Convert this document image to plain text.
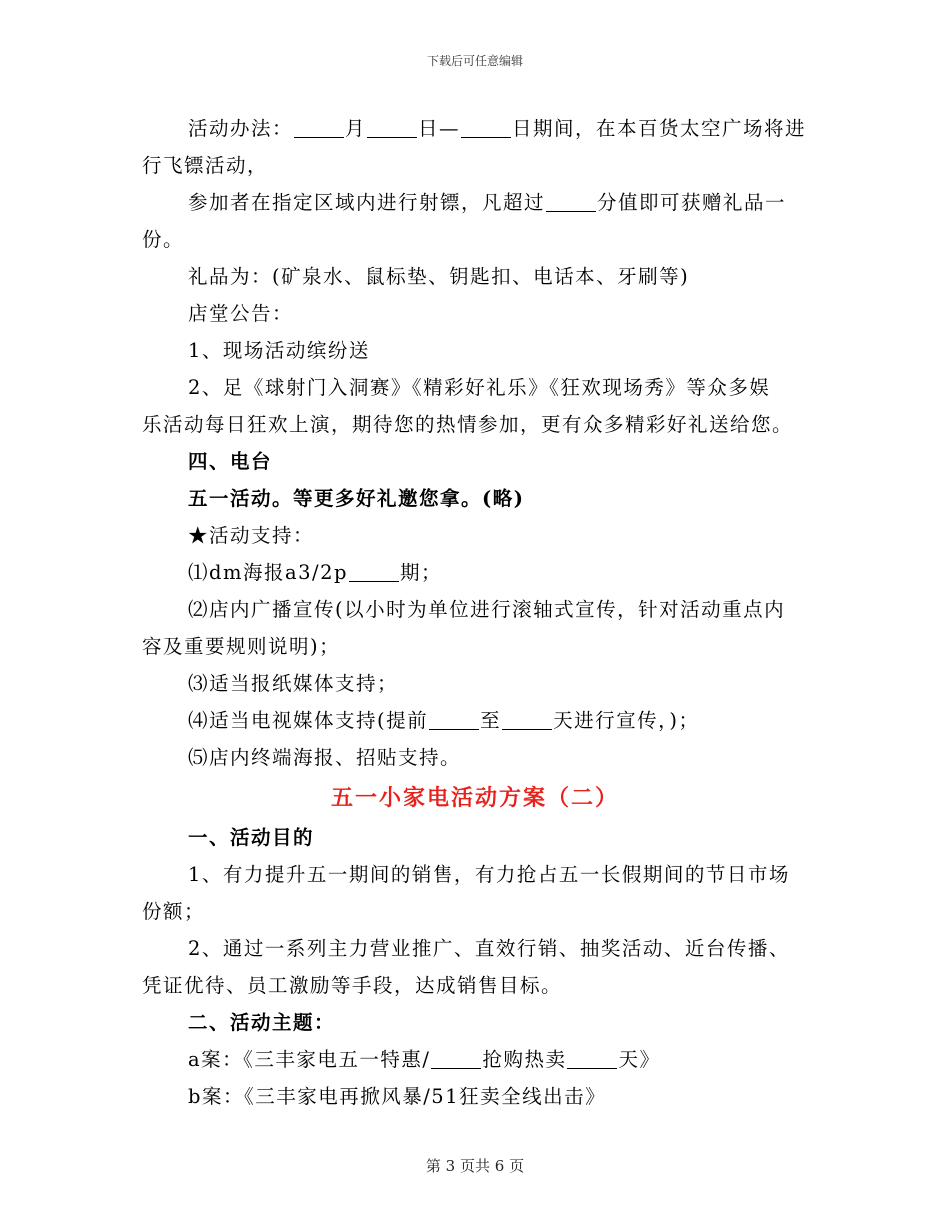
下载后可任意编辑
活动办法：	月	日—	日期间，在本百货太空广场将进
行飞镖活动，
参加者在指定区域内进行射镖，凡超过	分值即可获赠礼品一
份。
礼品为：(矿泉水、鼠标垫、钥匙扣、电话本、牙刷等)
店堂公告：
1、现场活动缤纷送
2、足《球射门入洞赛》《精彩好礼乐》《狂欢现场秀》等众多娱
乐活动每日狂欢上演，期待您的热情参加，更有众多精彩好礼送给您。
四、电台
五一活动。等更多好礼邀您拿。(略)
★活动支持：
⑴dm海报a3/2p	期；
⑵店内广播宣传(以小时为单位进行滚轴式宣传，针对活动重点内
容及重要规则说明)；
⑶适当报纸媒体支持；
⑷适当电视媒体支持(提前	至	天进行宣传，)；
⑸店内终端海报、招贴支持。
五一小家电活动方案（二）
一、活动目的
1、有力提升五一期间的销售，有力抢占五一长假期间的节日市场
份额；
2、通过一系列主力营业推广、直效行销、抽奖活动、近台传播、
凭证优待、员工激励等手段，达成销售目标。
二、活动主题：
a案：《三丰家电五一特惠/	抢购热卖	天》
b案：《三丰家电再掀风暴/51狂卖全线出击》
第 3 页共 6 页
